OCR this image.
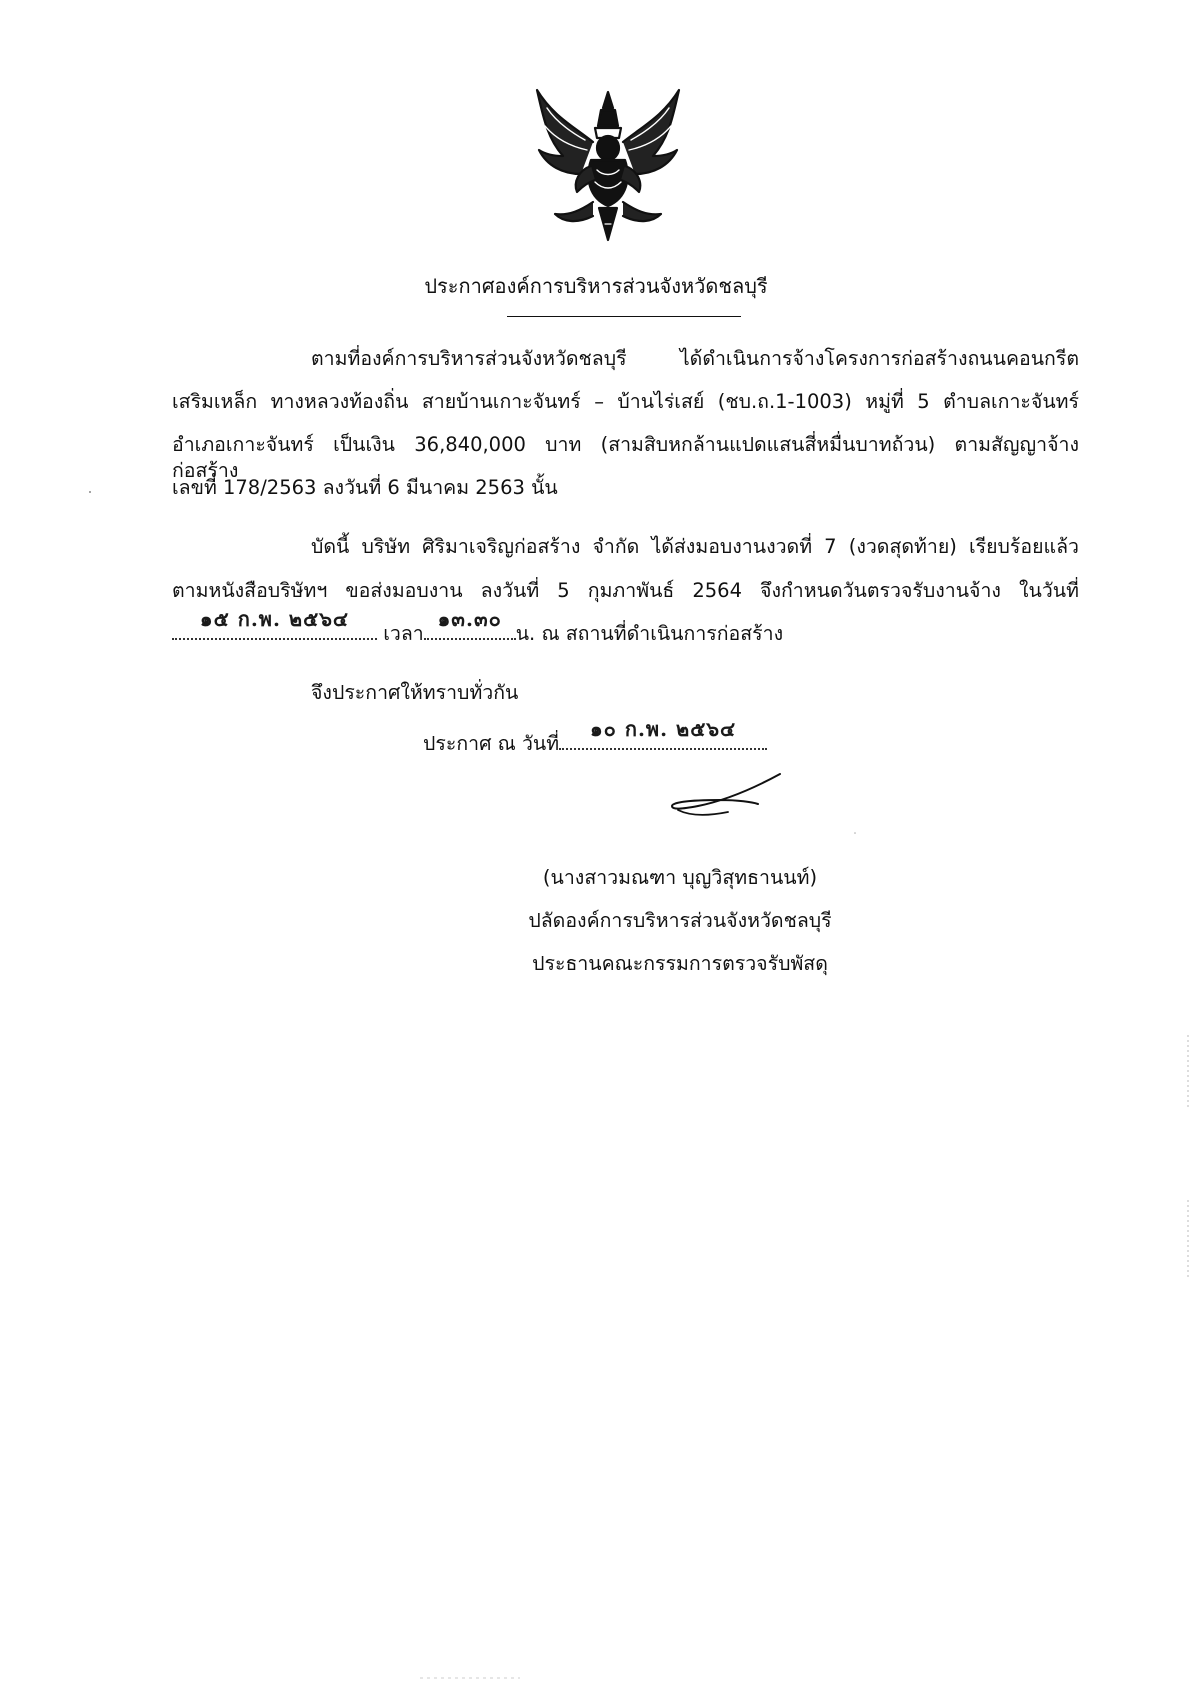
ประกาศองค์การบริหารส่วนจังหวัดชลบุรี
ตามที่องค์การบริหารส่วนจังหวัดชลบุรี ได้ดำเนินการจ้างโครงการก่อสร้างถนนคอนกรีต
เสริมเหล็ก ทางหลวงท้องถิ่น สายบ้านเกาะจันทร์ – บ้านไร่เสย์ (ชบ.ถ.1-1003) หมู่ที่ 5 ตำบลเกาะจันทร์
อำเภอเกาะจันทร์ เป็นเงิน 36,840,000 บาท (สามสิบหกล้านแปดแสนสี่หมื่นบาทถ้วน) ตามสัญญาจ้างก่อสร้าง
เลขที่ 178/2563 ลงวันที่ 6 มีนาคม 2563 นั้น
บัดนี้ บริษัท ศิริมาเจริญก่อสร้าง จำกัด ได้ส่งมอบงานงวดที่ 7 (งวดสุดท้าย) เรียบร้อยแล้ว
ตามหนังสือบริษัทฯ ขอส่งมอบงาน ลงวันที่ 5 กุมภาพันธ์ 2564 จึงกำหนดวันตรวจรับงานจ้าง ในวันที่
๑๕ ก.พ. ๒๕๖๔
เวลา
๑๓.๓๐
น. ณ สถานที่ดำเนินการก่อสร้าง
จึงประกาศให้ทราบทั่วกัน
ประกาศ ณ วันที่
๑๐ ก.พ. ๒๕๖๔
(นางสาวมณฑา บุญวิสุทธานนท์)
ปลัดองค์การบริหารส่วนจังหวัดชลบุรี
ประธานคณะกรรมการตรวจรับพัสดุ
